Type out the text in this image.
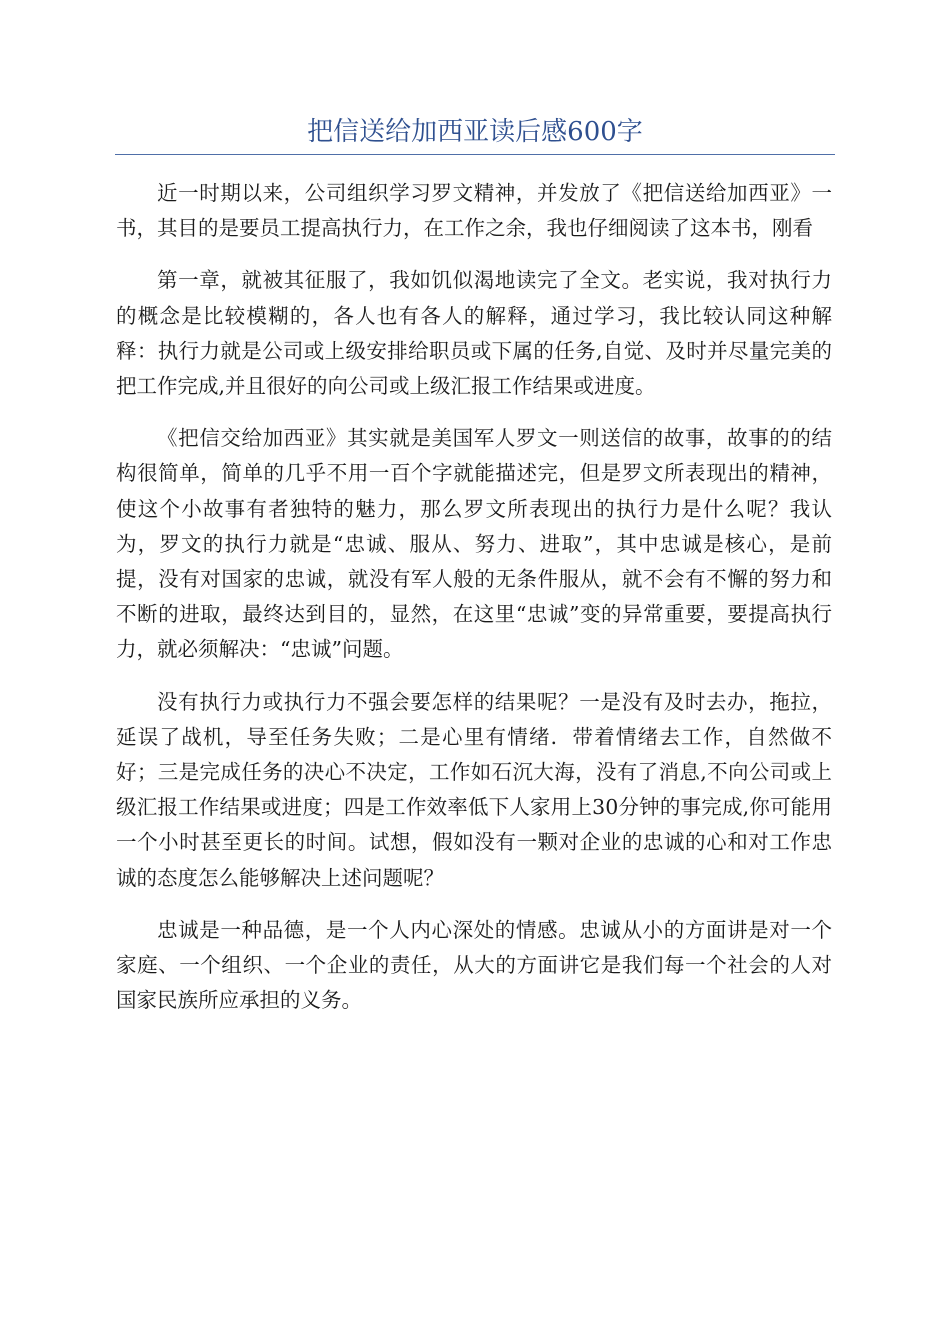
把信送给加西亚读后感600字

近一时期以来，公司组织学习罗文精神，并发放了《把信送给加西亚》一书，其目的是要员工提高执行力，在工作之余，我也仔细阅读了这本书，刚看

第一章，就被其征服了，我如饥似渴地读完了全文。老实说，我对执行力的概念是比较模糊的，各人也有各人的解释，通过学习，我比较认同这种解释：执行力就是公司或上级安排给职员或下属的任务,自觉、及时并尽量完美的把工作完成,并且很好的向公司或上级汇报工作结果或进度。

《把信交给加西亚》其实就是美国军人罗文一则送信的故事，故事的的结构很简单，简单的几乎不用一百个字就能描述完，但是罗文所表现出的精神，使这个小故事有者独特的魅力，那么罗文所表现出的执行力是什么呢？我认为，罗文的执行力就是“忠诚、服从、努力、进取”，其中忠诚是核心，是前提，没有对国家的忠诚，就没有军人般的无条件服从，就不会有不懈的努力和不断的进取，最终达到目的，显然，在这里“忠诚”变的异常重要，要提高执行力，就必须解决：“忠诚”问题。

没有执行力或执行力不强会要怎样的结果呢？一是没有及时去办，拖拉，延误了战机，导至任务失败；二是心里有情绪．带着情绪去工作，自然做不好；三是完成任务的决心不决定，工作如石沉大海，没有了消息,不向公司或上级汇报工作结果或进度；四是工作效率低下人家用上30分钟的事完成,你可能用一个小时甚至更长的时间。试想，假如没有一颗对企业的忠诚的心和对工作忠诚的态度怎么能够解决上述问题呢？

忠诚是一种品德，是一个人内心深处的情感。忠诚从小的方面讲是对一个家庭、一个组织、一个企业的责任，从大的方面讲它是我们每一个社会的人对国家民族所应承担的义务。
